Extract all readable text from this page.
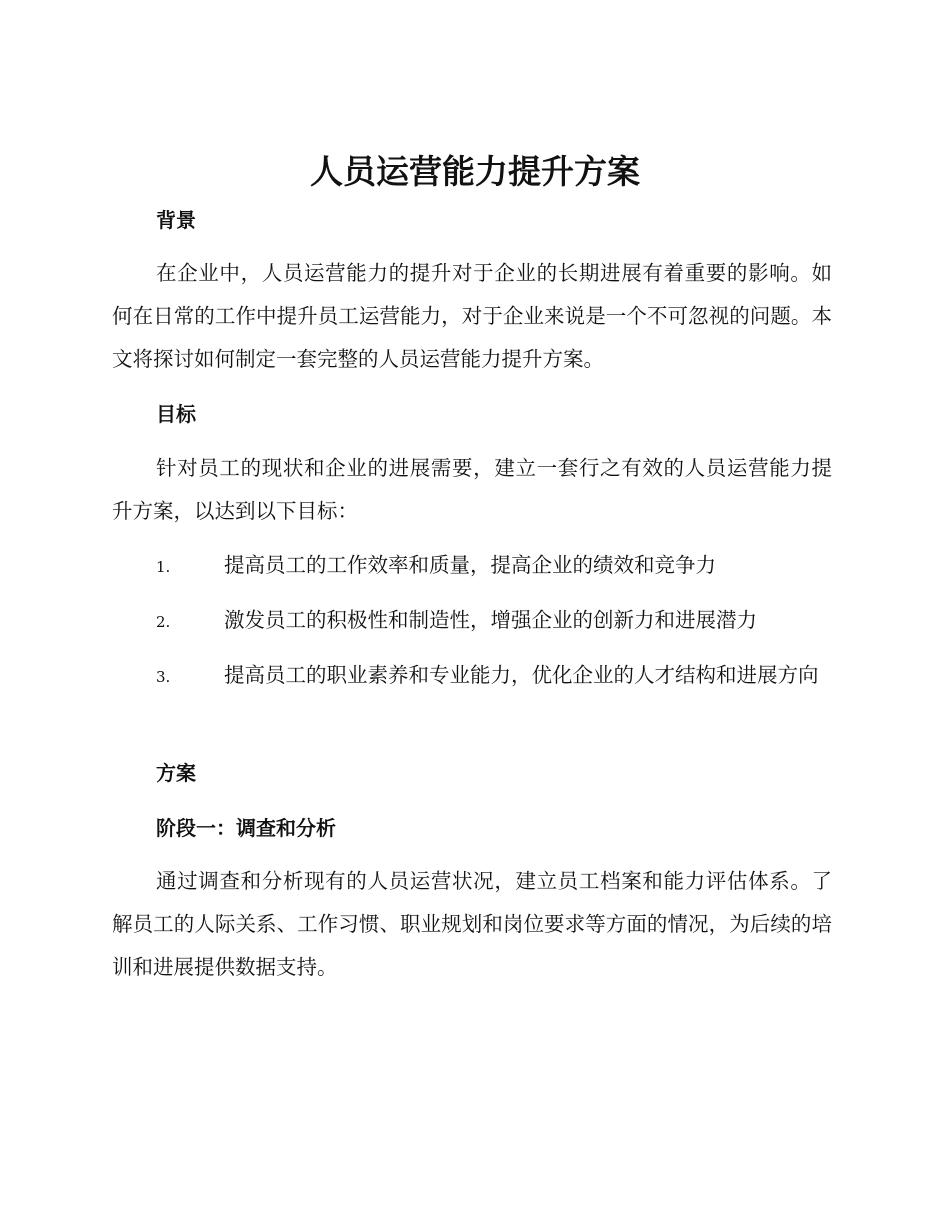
人员运营能力提升方案
背景

在企业中，人员运营能力的提升对于企业的长期进展有着重要的影响。如何在日常的工作中提升员工运营能力，对于企业来说是一个不可忽视的问题。本文将探讨如何制定一套完整的人员运营能力提升方案。

目标

针对员工的现状和企业的进展需要，建立一套行之有效的人员运营能力提升方案，以达到以下目标：

1.	提高员工的工作效率和质量，提高企业的绩效和竞争力
2.	激发员工的积极性和制造性，增强企业的创新力和进展潜力
3.	提高员工的职业素养和专业能力，优化企业的人才结构和进展方向
方案
阶段一：调查和分析

通过调查和分析现有的人员运营状况，建立员工档案和能力评估体系。了解员工的人际关系、工作习惯、职业规划和岗位要求等方面的情况，为后续的培训和进展提供数据支持。
